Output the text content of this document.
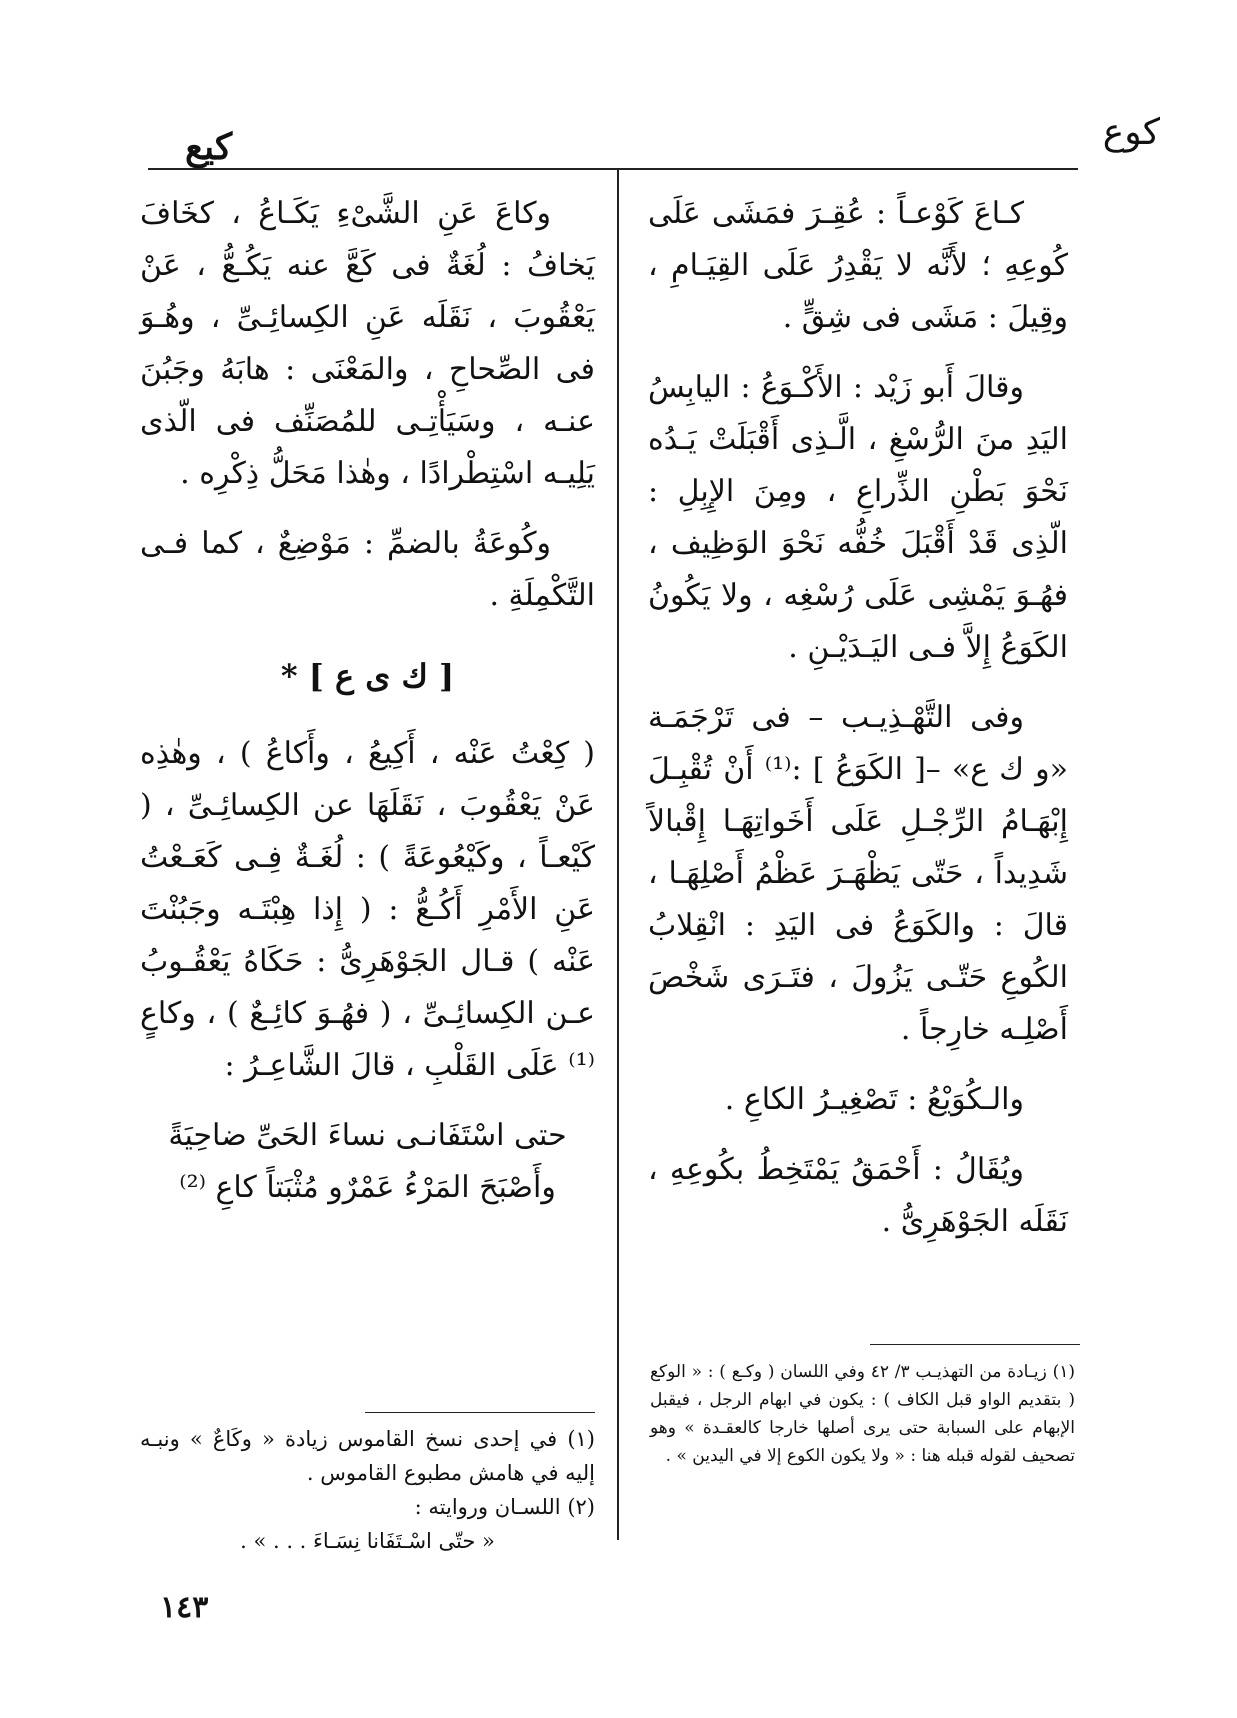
كوع
كيع

كـاعَ كَوْعـاً : عُقِـرَ فمَشَى عَلَى كُوعِهِ ؛ لأَنَّه لا يَقْدِرُ عَلَى القِيَـامِ ، وقِيلَ : مَشَى فى شِقٍّ .

وقالَ أَبو زَيْد : الأَكْـوَعُ : اليابِسُ اليَدِ منَ الرُّسْغِ ، الَّـذِى أَقْبَلَتْ يَـدُه نَحْوَ بَطْنِ الذِّراعِ ، ومِنَ الإِبِلِ : الّذِى قَدْ أَقْبَلَ خُفُّه نَحْوَ الوَظِيف ، فهُـوَ يَمْشِى عَلَى رُسْغِه ، ولا يَكُونُ الكَوَعُ إِلاَّ فـى اليَـدَيْـنِ .

وفى التَّهْـذِيـب – فى تَرْجَمَـة «و ك ع» –[ الكَوَعُ ] :⁽¹⁾ أَنْ تُقْبِـلَ إِبْهَـامُ الرِّجْـلِ عَلَى أَخَواتِهَـا إِقْبالاً شَدِيداً ، حَتّى يَظْهَـرَ عَظْمُ أَصْلِهَـا ، قالَ : والكَوَعُ فى اليَدِ : انْقِلابُ الكُوعِ حَتّـى يَزُولَ ، فتَـرَى شَخْصَ أَصْلِـه خارِجاً .

والـكُوَيْعُ : تَصْغِيـرُ الكاعِ .

ويُقَالُ : أَحْمَقُ يَمْتَخِطُ بكُوعِهِ ، نَقَلَه الجَوْهَرِىُّ .

وكاعَ عَنِ الشَّىْءِ يَكَـاعُ ، كخَافَ يَخافُ : لُغَةٌ فى كَعَّ عنه يَكُـعُّ ، عَنْ يَعْقُوبَ ، نَقَلَه عَنِ الكِسائِـىِّ ، وهُـوَ فى الصِّحاحِ ، والمَعْنَى : هابَهُ وجَبُنَ عنـه ، وسَيَأْتِـى للمُصَنِّف فى الّذى يَلِيـه اسْتِطْرادًا ، وهٰذا مَحَلُّ ذِكْرِه .

وكُوعَةُ بالضمِّ : مَوْضِعٌ ، كما فـى التَّكْمِلَةِ .

[ ك ى ع ] *

( كِعْتُ عَنْه ، أَكِيعُ ، وأَكاعُ ) ، وهٰذِه عَنْ يَعْقُوبَ ، نَقَلَهَا عن الكِسائِـىِّ ، ( كَيْعـاً ، وكَيْعُوعَةً ) : لُغَـةٌ فِـى كَعَـعْتُ عَنِ الأَمْرِ أَكُـعُّ : ( إِذا هِبْتَـه وجَبُنْتَ عَنْه ) قـال الجَوْهَرِىُّ : حَكَاهُ يَعْقُـوبُ عـن الكِسائِـىِّ ، ( فهُـوَ كائِـعٌ ) ، وكاعٍ ⁽¹⁾ عَلَى القَلْبِ ، قالَ الشَّاعِـرُ :

حتى اسْتَفَانـى نساءَ الحَىِّ ضاحِيَةً

وأَصْبَحَ المَرْءُ عَمْرٌو مُثْبَتاً كاعِ ⁽²⁾

(١) زيـادة من التهذيـب ٣/ ٤٢ وفي اللسان ( وكـع ) : « الوكع ( بتقديم الواو قبل الكاف ) : يكون في ابهام الرجل ، فيقبل الإبهام على السبابة حتى يرى أصلها خارجا كالعقـدة » وهو تصحيف لقوله قبله هنا : « ولا يكون الكوع إلا في اليدين » .

(١) في إحدى نسخ القاموس زيادة « وكَاعٌ » ونبـه إليه في هامش مطبوع القاموس .

(٢) اللسـان وروايته :

« حتّى اسْـتَفَانا نِسَـاءَ . . . » .

١٤٣
